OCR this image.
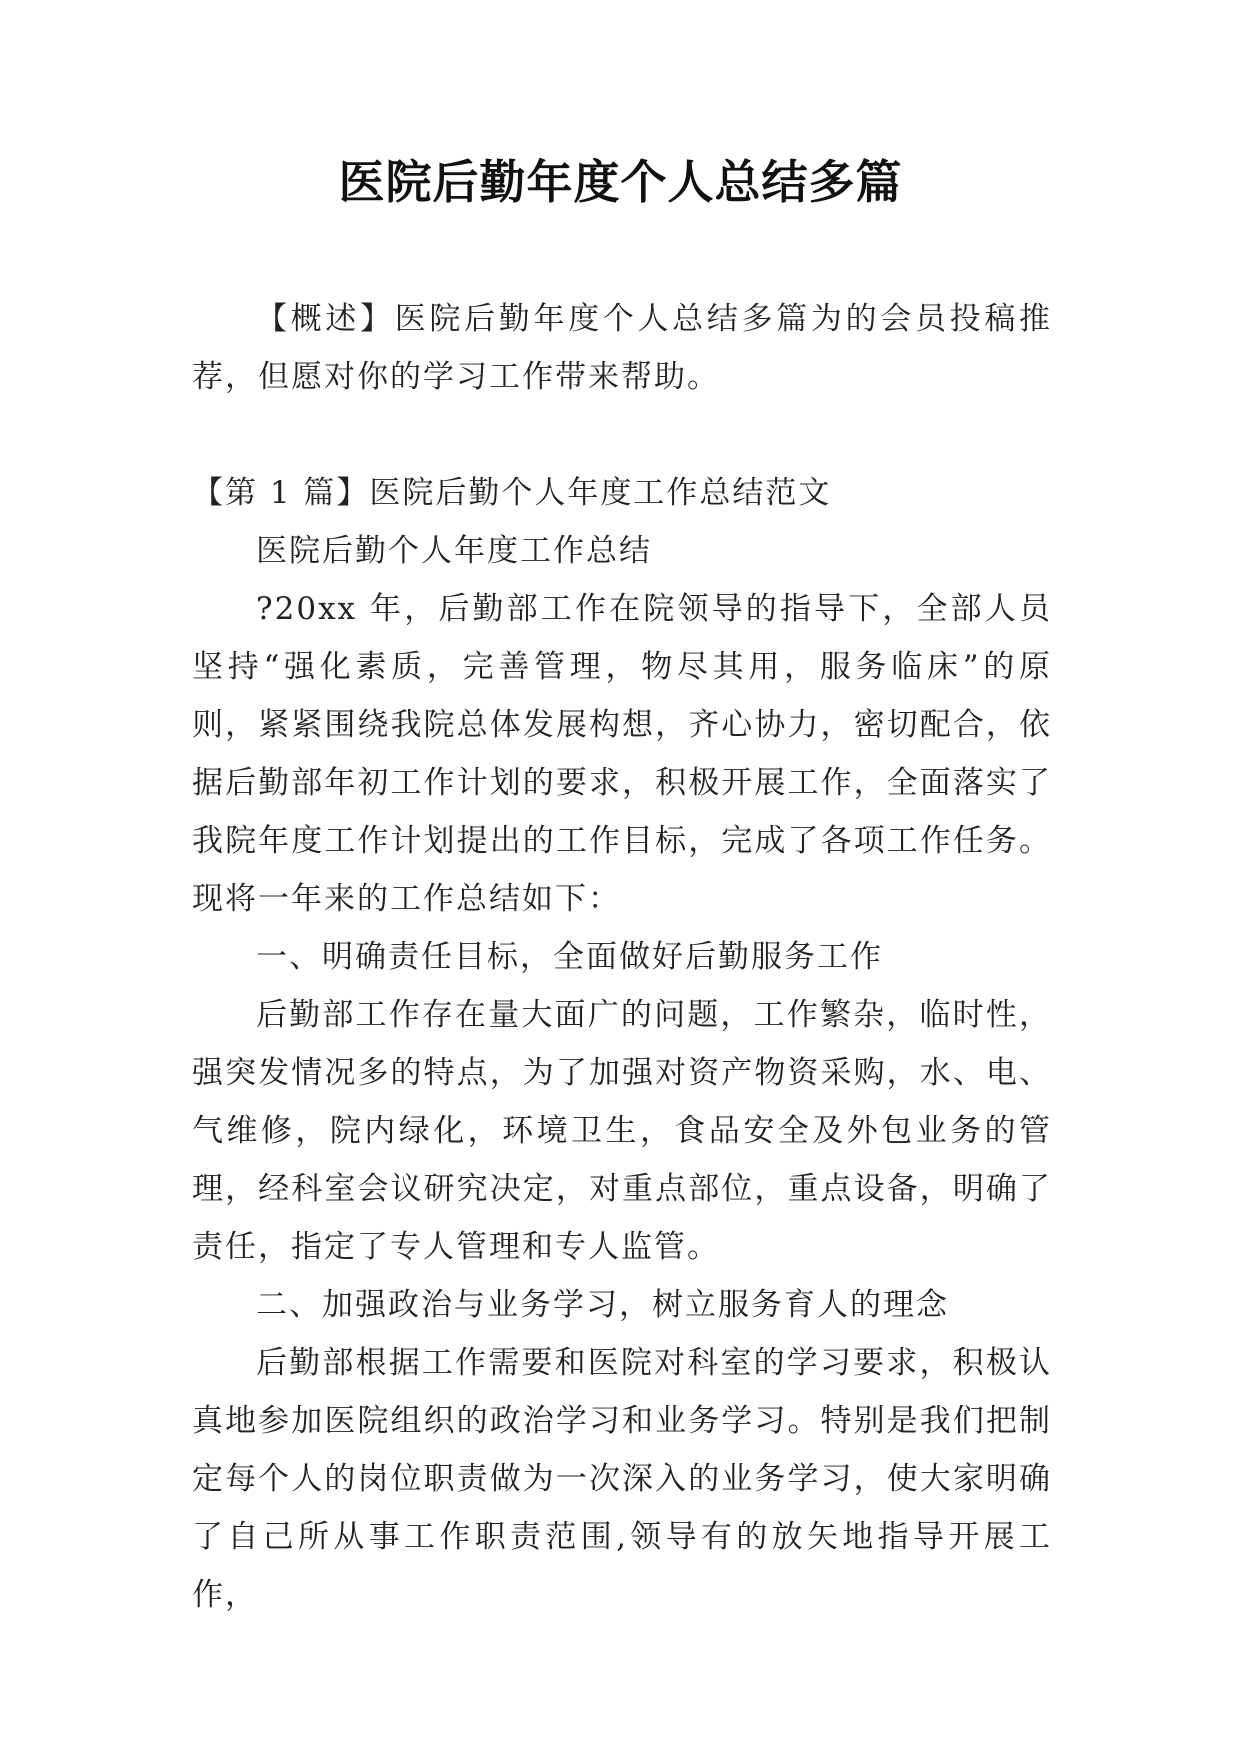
医院后勤年度个人总结多篇

【概述】医院后勤年度个人总结多篇为的会员投稿推荐，但愿对你的学习工作带来帮助。

【第 1 篇】医院后勤个人年度工作总结范文

医院后勤个人年度工作总结

?20xx 年，后勤部工作在院领导的指导下，全部人员坚持“强化素质，完善管理，物尽其用，服务临床”的原则，紧紧围绕我院总体发展构想，齐心协力，密切配合，依据后勤部年初工作计划的要求，积极开展工作，全面落实了我院年度工作计划提出的工作目标，完成了各项工作任务。现将一年来的工作总结如下：

一、明确责任目标，全面做好后勤服务工作

后勤部工作存在量大面广的问题，工作繁杂，临时性，强突发情况多的特点，为了加强对资产物资采购，水、电、气维修，院内绿化，环境卫生，食品安全及外包业务的管理，经科室会议研究决定，对重点部位，重点设备，明确了责任，指定了专人管理和专人监管。

二、加强政治与业务学习，树立服务育人的理念

后勤部根据工作需要和医院对科室的学习要求，积极认真地参加医院组织的政治学习和业务学习。特别是我们把制定每个人的岗位职责做为一次深入的业务学习，使大家明确了自己所从事工作职责范围,领导有的放矢地指导开展工作，
